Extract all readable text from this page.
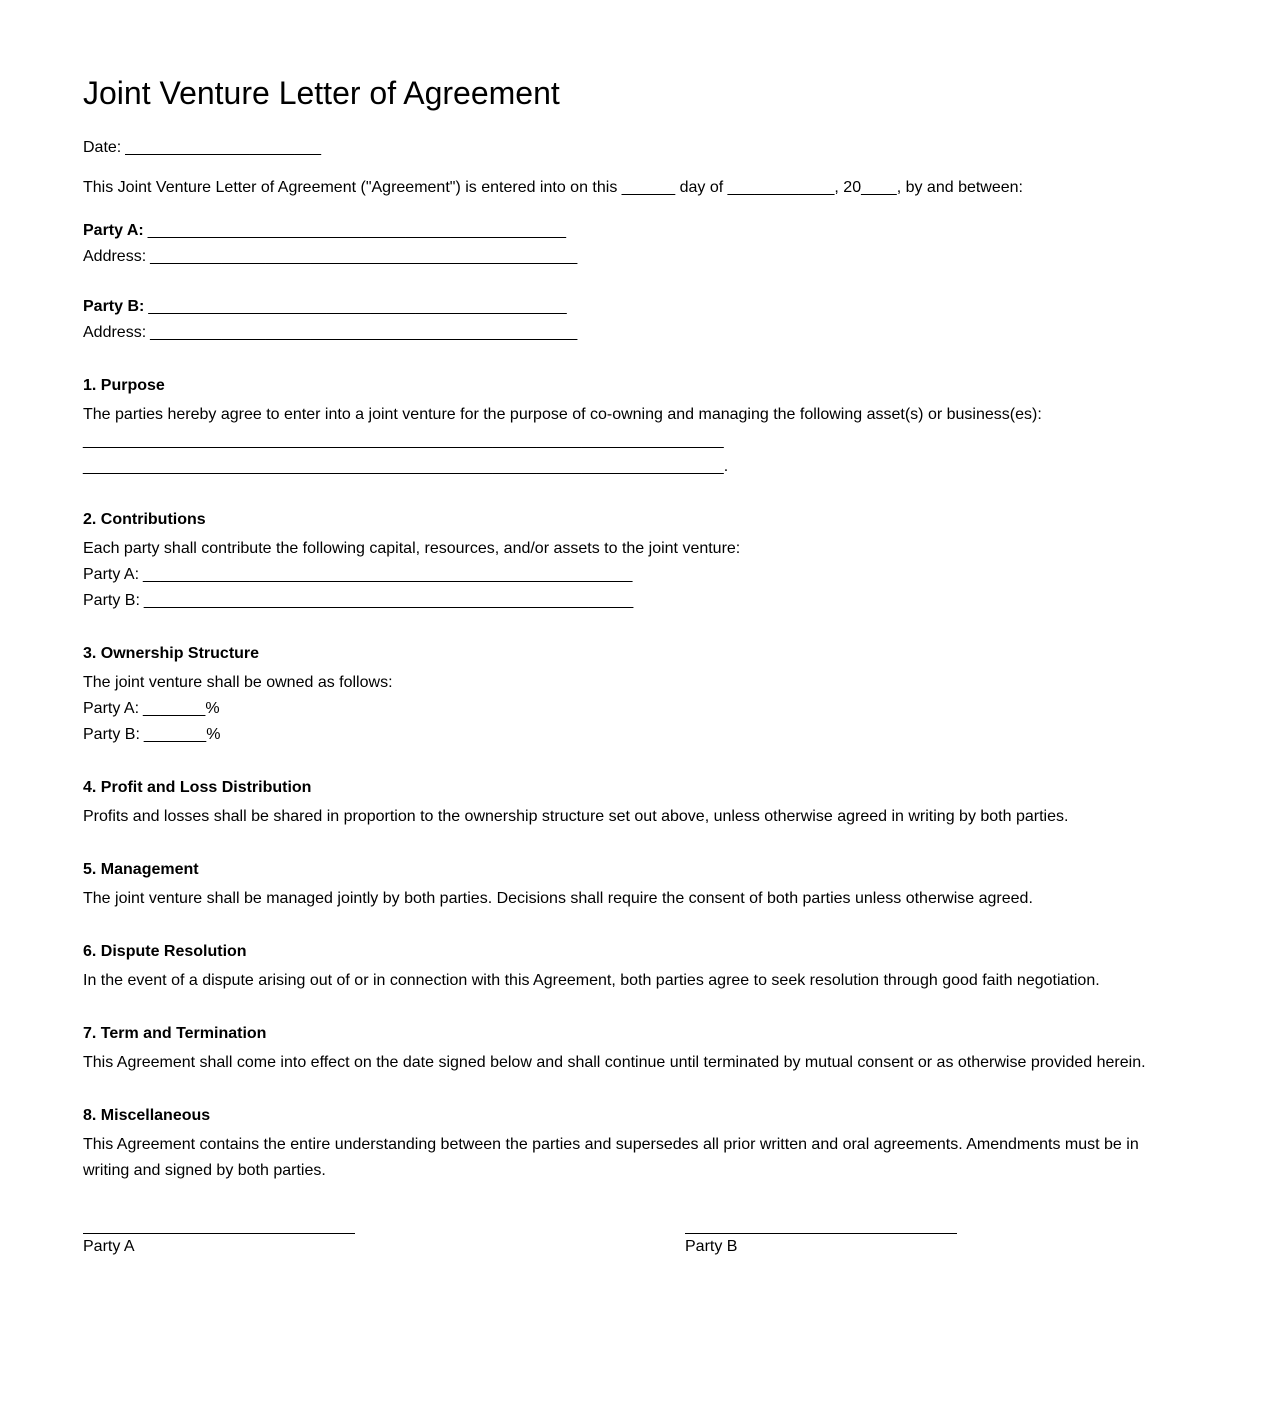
Joint Venture Letter of Agreement

Date: ______________________

This Joint Venture Letter of Agreement ("Agreement") is entered into on this ______ day of ____________, 20____, by and between:

Party A: _______________________________________________

Address: ________________________________________________

Party B: _______________________________________________

Address: ________________________________________________

1. Purpose

The parties hereby agree to enter into a joint venture for the purpose of co-owning and managing the following asset(s) or business(es):

________________________________________________________________________

________________________________________________________________________.

2. Contributions

Each party shall contribute the following capital, resources, and/or assets to the joint venture:

Party A: _______________________________________________________

Party B: _______________________________________________________

3. Ownership Structure

The joint venture shall be owned as follows:

Party A: _______%

Party B: _______%

4. Profit and Loss Distribution

Profits and losses shall be shared in proportion to the ownership structure set out above, unless otherwise agreed in writing by both parties.

5. Management

The joint venture shall be managed jointly by both parties. Decisions shall require the consent of both parties unless otherwise agreed.

6. Dispute Resolution

In the event of a dispute arising out of or in connection with this Agreement, both parties agree to seek resolution through good faith negotiation.

7. Term and Termination

This Agreement shall come into effect on the date signed below and shall continue until terminated by mutual consent or as otherwise provided herein.

8. Miscellaneous

This Agreement contains the entire understanding between the parties and supersedes all prior written and oral agreements. Amendments must be in writing and signed by both parties.

Party A	Party B
